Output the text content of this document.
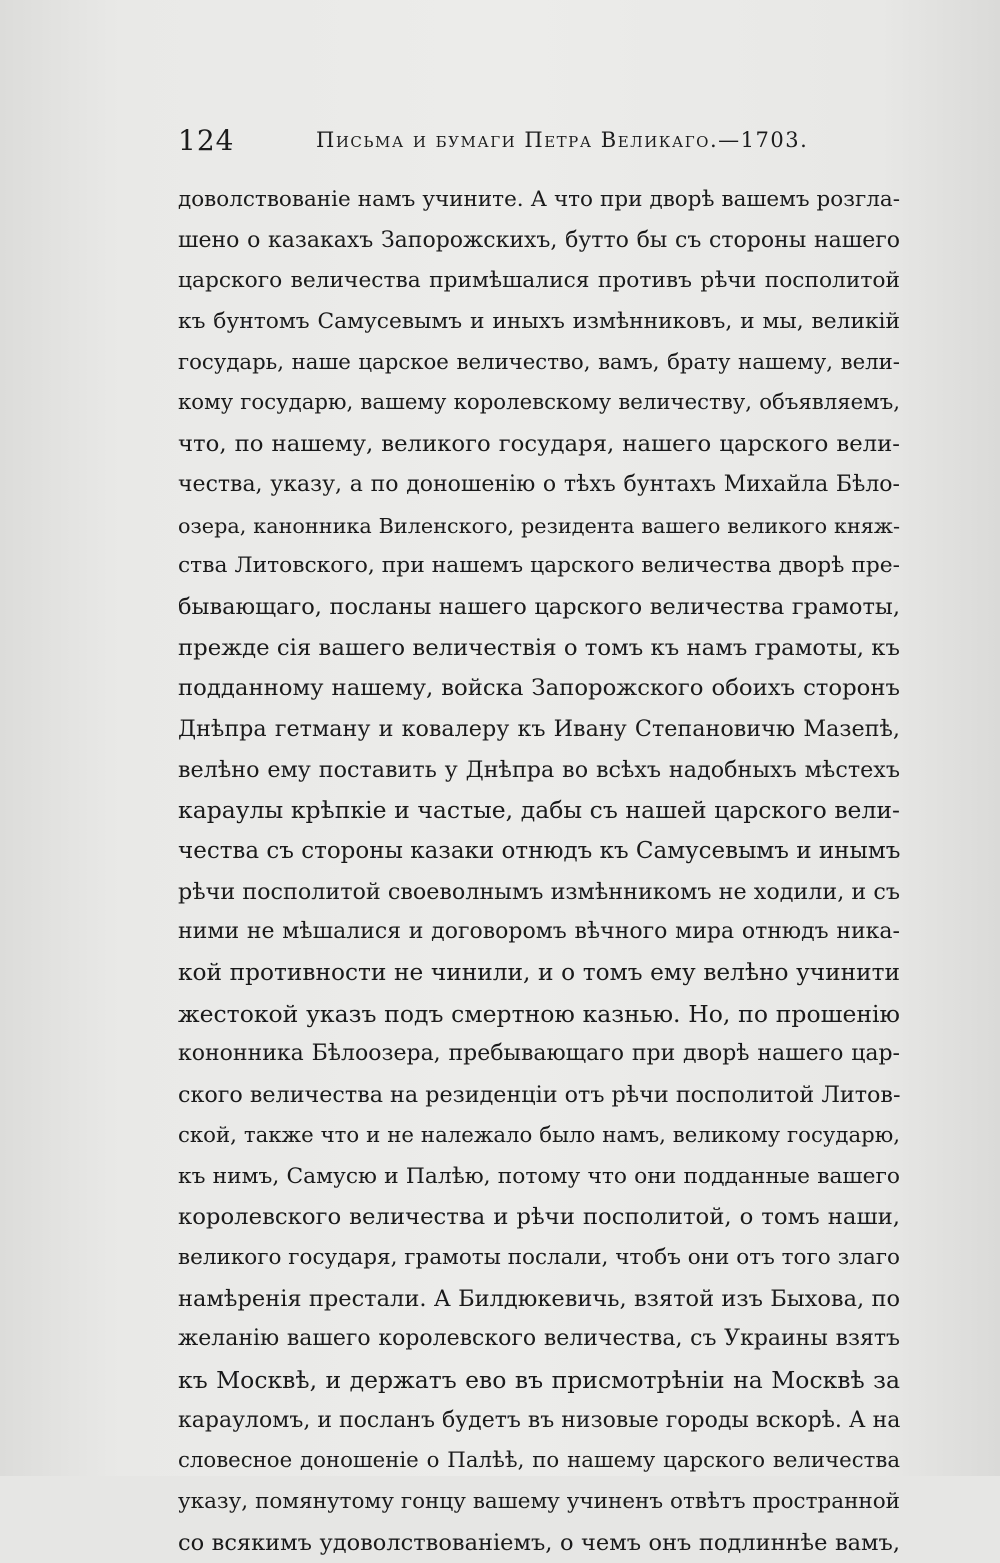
124	Письма и бумаги Петра Великаго.—1703.
доволствованіе намъ учините. А что при дворѣ вашемъ розгла-
шено о казакахъ Запорожскихъ, бутто бы съ стороны нашего
царского величества примѣшалися противъ рѣчи посполитой
къ бунтомъ Самусевымъ и иныхъ измѣнниковъ, и мы, великій
государь, наше царское величество, вамъ, брату нашему, вели-
кому государю, вашему королевскому величеству, объявляемъ,
что, по нашему, великого государя, нашего царского вели-
чества, указу, а по доношенію о тѣхъ бунтахъ Михайла Бѣло-
озера, канонника Виленского, резидента вашего великого княж-
ства Литовского, при нашемъ царского величества дворѣ пре-
бывающаго, посланы нашего царского величества грамоты,
прежде сія вашего величествія о томъ къ намъ грамоты, къ
подданному нашему, войска Запорожского обоихъ сторонъ
Днѣпра гетману и ковалеру къ Ивану Степановичю Мазепѣ,
велѣно ему поставить у Днѣпра во всѣхъ надобныхъ мѣстехъ
караулы крѣпкіе и частые, дабы съ нашей царского вели-
чества съ стороны казаки отнюдъ къ Самусевымъ и инымъ
рѣчи посполитой своеволнымъ измѣнникомъ не ходили, и съ
ними не мѣшалися и договоромъ вѣчного мира отнюдъ ника-
кой противности не чинили, и о томъ ему велѣно учинити
жестокой указъ подъ смертною казнью. Но, по прошенію
кононника Бѣлоозера, пребывающаго при дворѣ нашего цар-
ского величества на резиденціи отъ рѣчи посполитой Литов-
ской, также что и не належало было намъ, великому государю,
къ нимъ, Самусю и Палѣю, потому что они подданные вашего
королевского величества и рѣчи посполитой, о томъ наши,
великого государя, грамоты послали, чтобъ они отъ того злаго
намѣренія престали. А Билдюкевичь, взятой изъ Быхова, по
желанію вашего королевского величества, съ Украины взятъ
къ Москвѣ, и держатъ ево въ присмотрѣніи на Москвѣ за
карауломъ, и посланъ будетъ въ низовые городы вскорѣ. А на
словесное доношеніе о Палѣѣ, по нашему царского величества
указу, помянутому гонцу вашему учиненъ отвѣтъ пространной
со всякимъ удоволствованіемъ, о чемъ онъ подлиннѣе вамъ,
